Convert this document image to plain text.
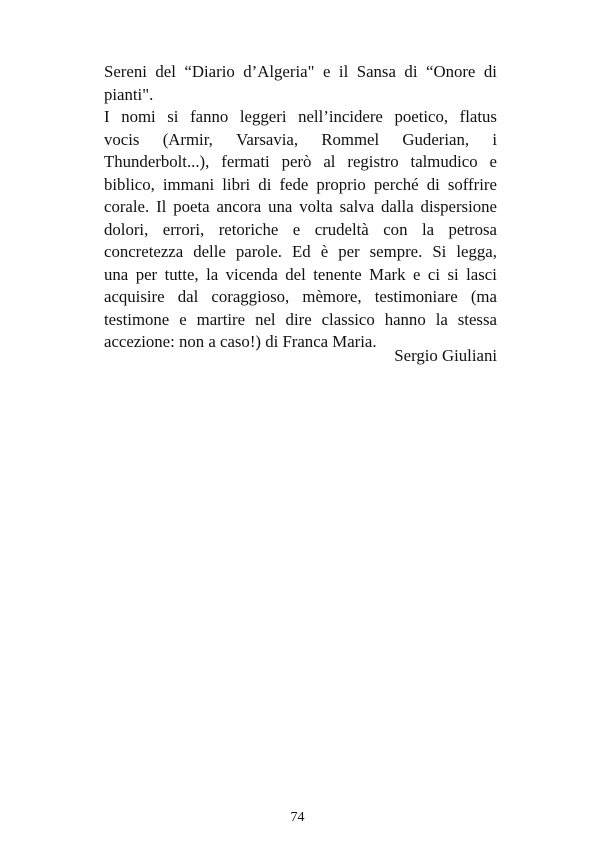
Sereni del “Diario d’Algeria" e il Sansa di “Onore di
pianti".
I nomi si fanno leggeri nell’incidere poetico, flatus
vocis (Armir, Varsavia, Rommel Guderian, i
Thunderbolt...), fermati però al registro talmudico e
biblico, immani libri di fede proprio perché di soffrire
corale. Il poeta ancora una volta salva dalla dispersione
dolori, errori, retoriche e crudeltà con la petrosa
concretezza delle parole. Ed è per sempre. Si legga,
una per tutte, la vicenda del tenente Mark e ci si lasci
acquisire dal coraggioso, mèmore, testimoniare (ma
testimone e martire nel dire classico hanno la stessa
accezione: non a caso!) di Franca Maria.
Sergio Giuliani
74
